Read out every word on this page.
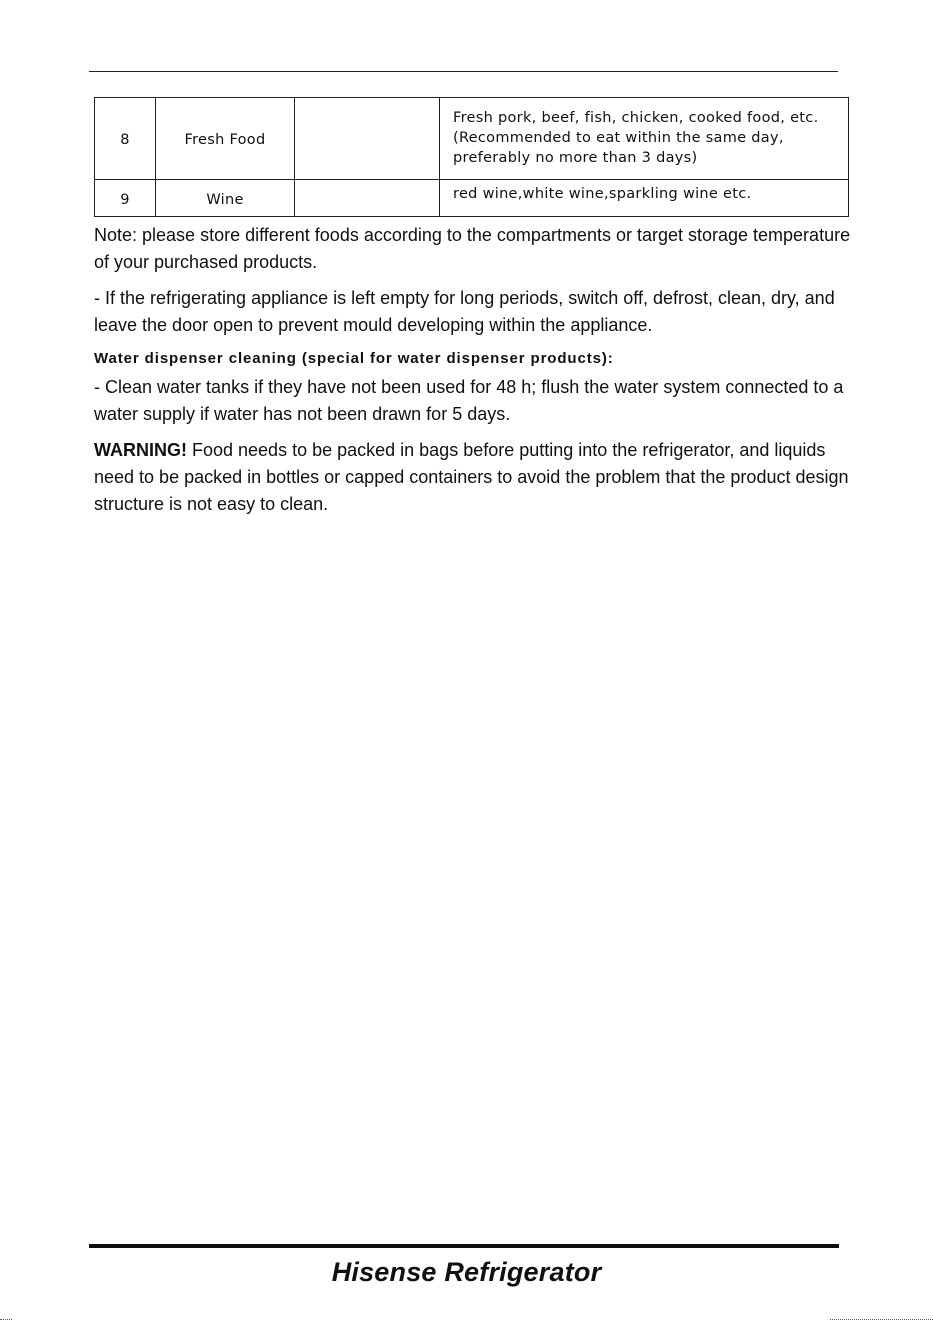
8	Fresh Food		Fresh pork, beef, fish, chicken, cooked food, etc.
(Recommended to eat within the same day,
preferably no more than 3 days)

9	Wine		red wine,white wine,sparkling wine etc.

Note: please store different foods according to the compartments or target storage temperature of your purchased products.

- If the refrigerating appliance is left empty for long periods, switch off, defrost, clean, dry, and leave the door open to prevent mould developing within the appliance.

Water dispenser cleaning (special for water dispenser products):

- Clean water tanks if they have not been used for 48 h; flush the water system connected to a water supply if water has not been drawn for 5 days.

WARNING! Food needs to be packed in bags before putting into the refrigerator, and liquids need to be packed in bottles or capped containers to avoid the problem that the product design structure is not easy to clean.

Hisense Refrigerator
